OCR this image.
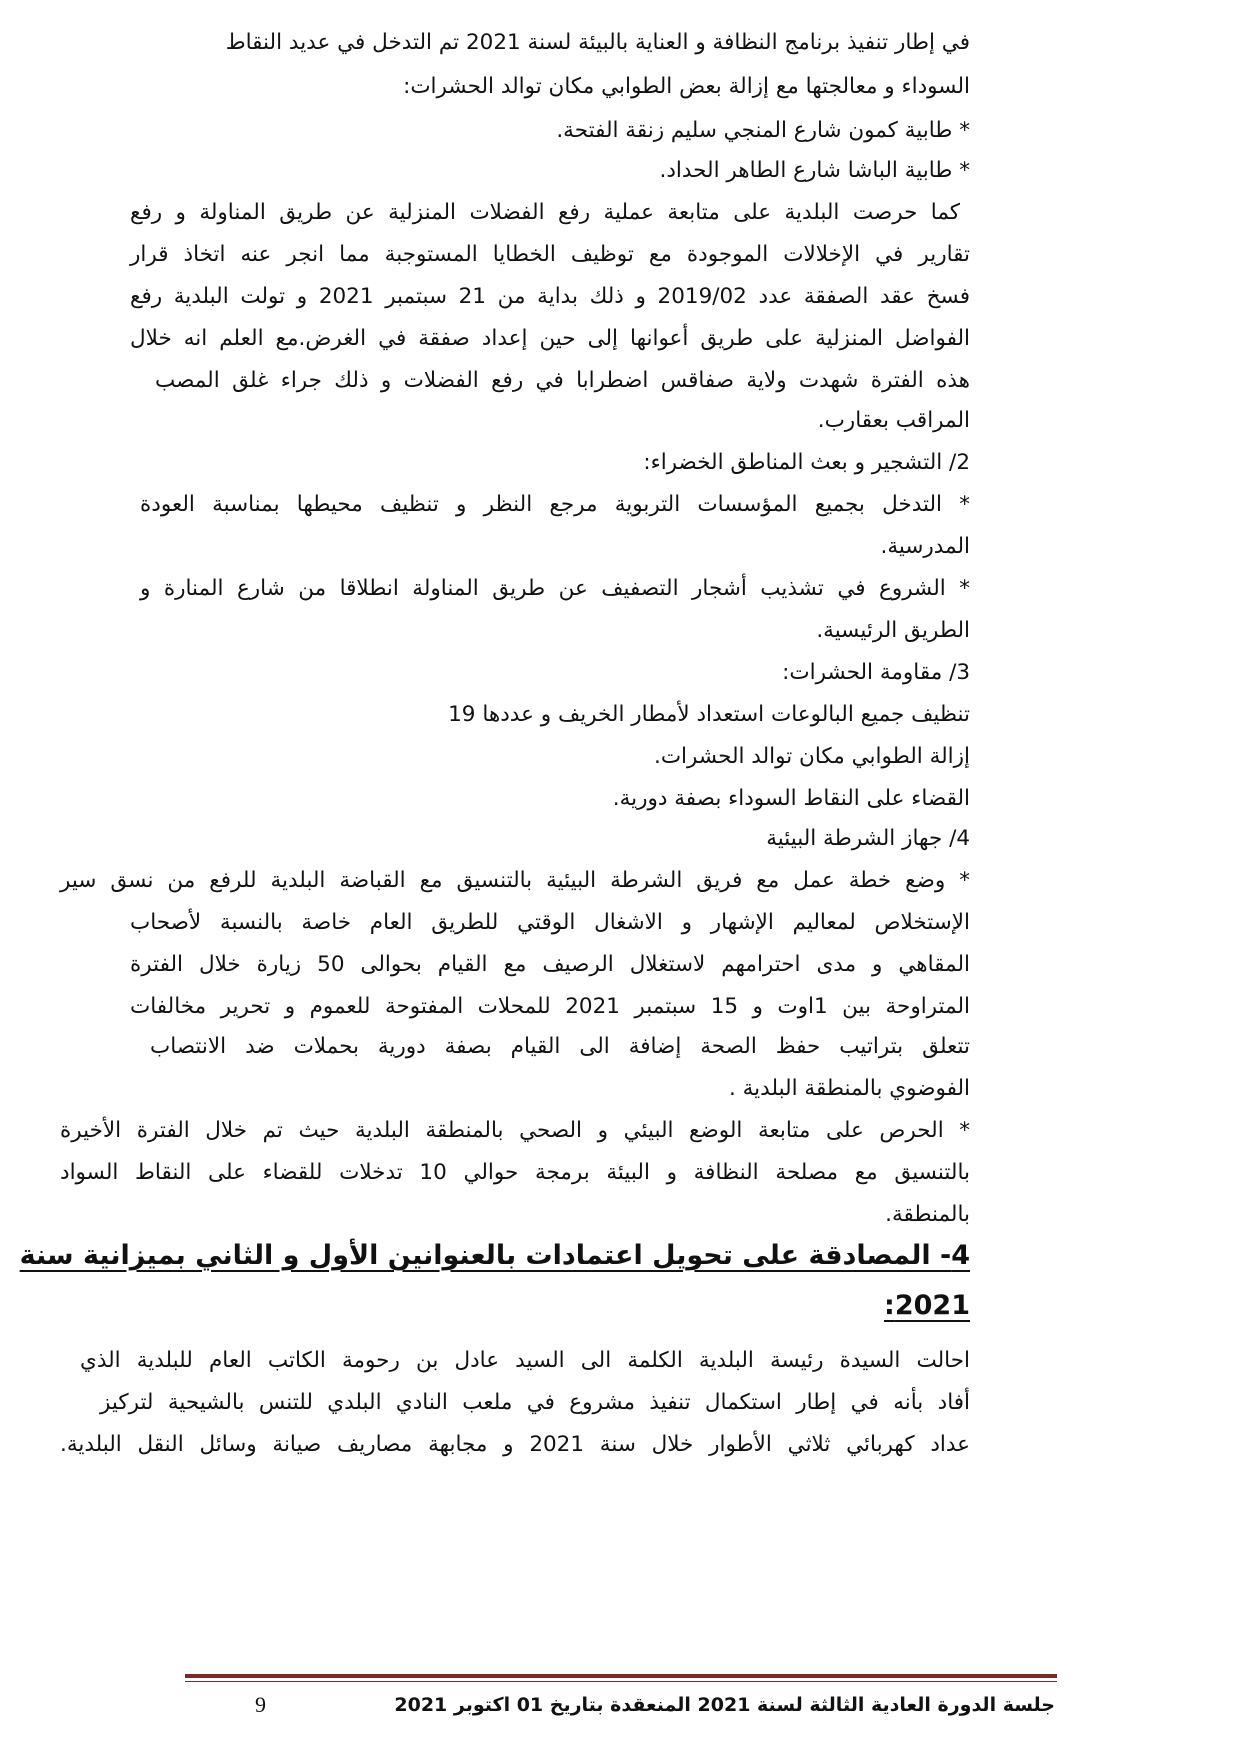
في إطار تنفيذ برنامج النظافة و العناية بالبيئة لسنة 2021 تم التدخل في عديد النقاط
السوداء و معالجتها مع إزالة بعض الطوابي مكان توالد الحشرات:
* طابية كمون شارع المنجي سليم زنقة الفتحة.
* طابية الباشا شارع الطاهر الحداد.
كما حرصت البلدية على متابعة عملية رفع الفضلات المنزلية عن طريق المناولة و رفع
تقارير في الإخلالات الموجودة مع توظيف الخطايا المستوجبة مما انجر عنه اتخاذ قرار
فسخ عقد الصفقة عدد 2019/02 و ذلك بداية من 21 سبتمبر 2021 و تولت البلدية رفع
الفواضل المنزلية على طريق أعوانها إلى حين إعداد صفقة في الغرض.مع العلم انه خلال
هذه الفترة شهدت ولاية صفاقس اضطرابا في رفع الفضلات و ذلك جراء غلق المصب
المراقب بعقارب.
2/ التشجير و بعث المناطق الخضراء:
* التدخل بجميع المؤسسات التربوية مرجع النظر و تنظيف محيطها بمناسبة العودة
المدرسية.
* الشروع في تشذيب أشجار التصفيف عن طريق المناولة انطلاقا من شارع المنارة و
الطريق الرئيسية.
3/ مقاومة الحشرات:
تنظيف جميع البالوعات استعداد لأمطار الخريف و عددها 19
إزالة الطوابي مكان توالد الحشرات.
القضاء على النقاط السوداء بصفة دورية.
4/ جهاز الشرطة البيئية
* وضع خطة عمل مع فريق الشرطة البيئية بالتنسيق مع القباضة البلدية للرفع من نسق سير
الإستخلاص لمعاليم الإشهار و الاشغال الوقتي للطريق العام خاصة بالنسبة لأصحاب
المقاهي و مدى احترامهم لاستغلال الرصيف مع القيام بحوالى 50 زيارة خلال الفترة
المتراوحة بين 1اوت و 15 سبتمبر 2021 للمحلات المفتوحة للعموم و تحرير مخالفات
تتعلق بتراتيب حفظ الصحة إضافة الى القيام بصفة دورية بحملات ضد الانتصاب
الفوضوي بالمنطقة البلدية .
* الحرص على متابعة الوضع البيئي و الصحي بالمنطقة البلدية حيث تم خلال الفترة الأخيرة
بالتنسيق مع مصلحة النظافة و البيئة برمجة حوالي 10 تدخلات للقضاء على النقاط السواد
بالمنطقة.
4- المصادقة على تحويل اعتمادات بالعنوانين الأول و الثاني بميزانية سنة
2021:
احالت السيدة رئيسة البلدية الكلمة الى السيد عادل بن رحومة الكاتب العام للبلدية الذي
أفاد بأنه في إطار استكمال تنفيذ مشروع في ملعب النادي البلدي للتنس بالشيحية لتركيز
عداد كهربائي ثلاثي الأطوار خلال سنة 2021 و مجابهة مصاريف صيانة وسائل النقل البلدية.
جلسة الدورة العادية الثالثة لسنة 2021 المنعقدة بتاريخ 01 اكتوبر 2021
9
